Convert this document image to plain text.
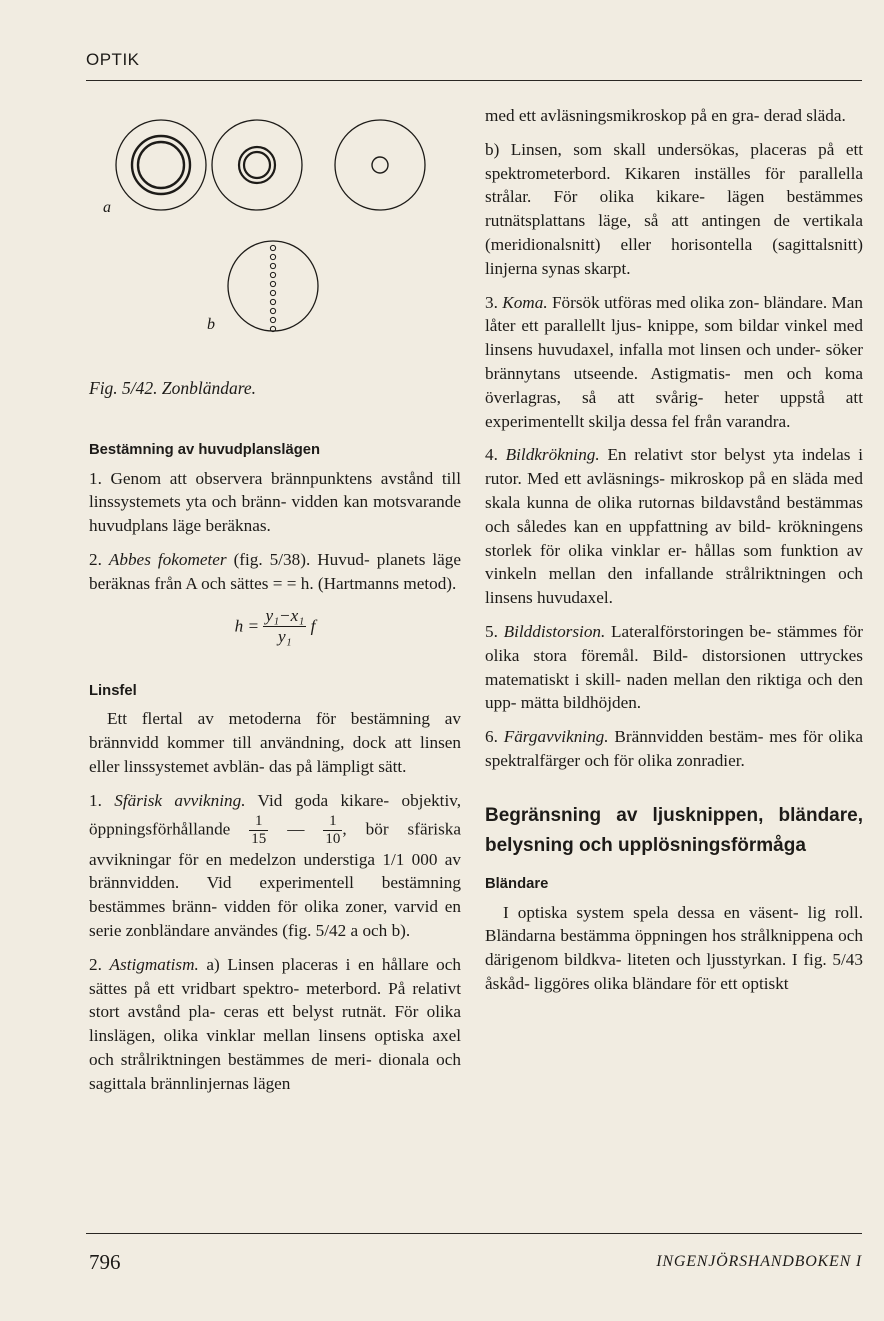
OPTIK
a
b

Fig. 5/42. Zonbländare.

Bestämning av huvudplanslägen

1. Genom att observera brännpunktens avstånd till linssystemets yta och bränn- vidden kan motsvarande huvudplans läge beräknas.

2. Abbes fokometer (fig. 5/38). Huvud- planets läge beräknas från A och sättes = = h. (Hartmanns metod).

$h = \frac{\text{y₁−x₁}}{\text{y₁}}$ f
Linsfel

Ett flertal av metoderna för bestämning av brännvidd kommer till användning, dock att linsen eller linssystemet avblän- das på lämpligt sätt.

1. Sfärisk avvikning. Vid goda kikare- objektiv, öppningsförhållande $\frac{1}{15}$ — $\frac{1}{10}$ , bör sfäriska avvikningar för en medelzon understiga 1/1 000 av brännvidden. Vid experimentell bestämning bestämmes bränn- vidden för olika zoner, varvid en serie zonbländare användes (fig. 5/42 a och b).

2. Astigmatism. a) Linsen placeras i en hållare och sättes på ett vridbart spektro- meterbord. På relativt stort avstånd pla- ceras ett belyst rutnät. För olika linslägen, olika vinklar mellan linsens optiska axel och strålriktningen bestämmes de meri- dionala och sagittala brännlinjernas lägen

med ett avläsningsmikroskop på en gra- derad släda.

b) Linsen, som skall undersökas, placeras på ett spektrometerbord. Kikaren inställes för parallella strålar. För olika kikare- lägen bestämmes rutnätsplattans läge, så att antingen de vertikala (meridionalsnitt) eller horisontella (sagittalsnitt) linjerna synas skarpt.

3. Koma. Försök utföras med olika zon- bländare. Man låter ett parallellt ljus- knippe, som bildar vinkel med linsens huvudaxel, infalla mot linsen och under- söker brännytans utseende. Astigmatis- men och koma överlagras, så att svårig- heter uppstå att experimentellt skilja dessa fel från varandra.

4. Bildkrökning. En relativt stor belyst yta indelas i rutor. Med ett avläsnings- mikroskop på en släda med skala kunna de olika rutornas bildavstånd bestämmas och således kan en uppfattning av bild- krökningens storlek för olika vinklar er- hållas som funktion av vinkeln mellan den infallande strålriktningen och linsens huvudaxel.

5. Bilddistorsion. Lateralförstoringen be- stämmes för olika stora föremål. Bild- distorsionen uttryckes matematiskt i skill- naden mellan den riktiga och den upp- mätta bildhöjden.

6. Färgavvikning. Brännvidden bestäm- mes för olika spektralfärger och för olika zonradier.

Begränsning av ljusknippen, bländare, belysning och upplösningsförmåga

Bländare

I optiska system spela dessa en väsent- lig roll. Bländarna bestämma öppningen hos strålknippena och därigenom bildkva- liteten och ljusstyrkan. I fig. 5/43 åskåd- liggöres olika bländare för ett optiskt

796	INGENJÖRSHANDBOKEN I
